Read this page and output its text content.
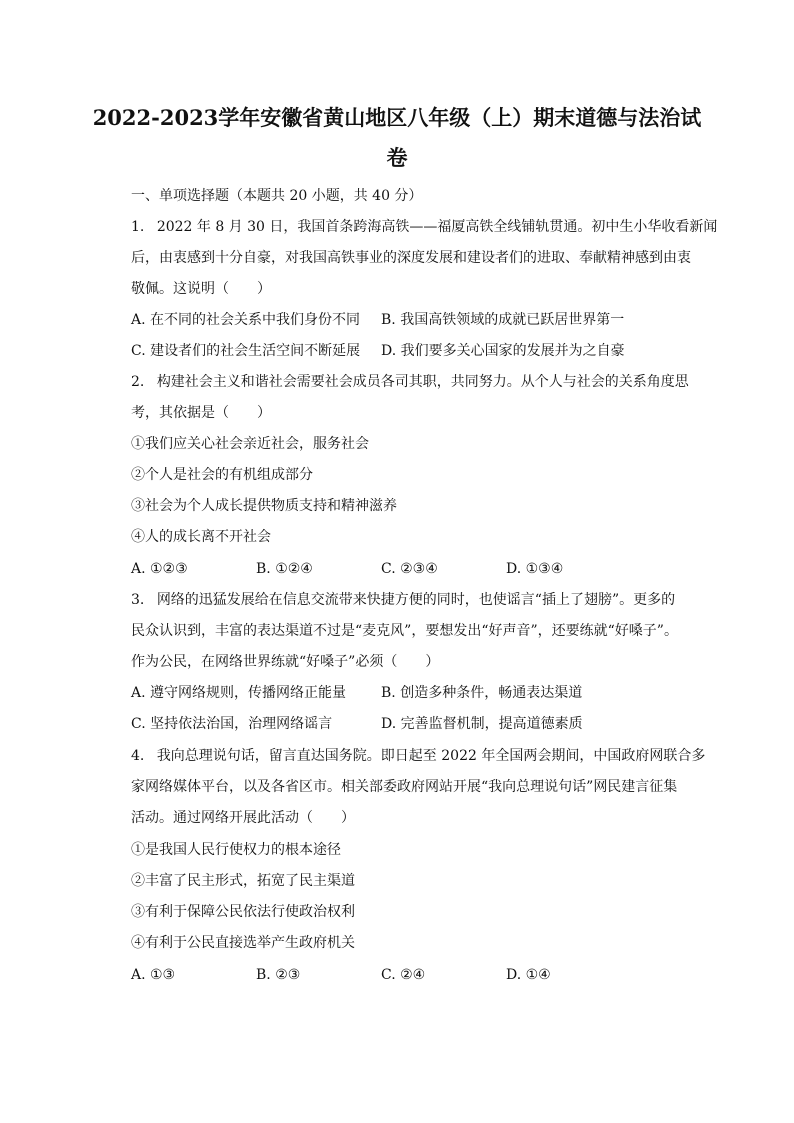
2022-2023学年安徽省黄山地区八年级（上）期末道德与法治试
卷
一、单项选择题（本题共 20 小题，共 40 分）
1. 2022 年 8 月 30 日，我国首条跨海高铁——福厦高铁全线铺轨贯通。初中生小华收看新闻
后，由衷感到十分自豪，对我国高铁事业的深度发展和建设者们的进取、奉献精神感到由衷
敬佩。这说明（　　）
A. 在不同的社会关系中我们身份不同	B. 我国高铁领域的成就已跃居世界第一
C. 建设者们的社会生活空间不断延展	D. 我们要多关心国家的发展并为之自豪
2. 构建社会主义和谐社会需要社会成员各司其职，共同努力。从个人与社会的关系角度思
考，其依据是（　　）
①我们应关心社会亲近社会，服务社会
②个人是社会的有机组成部分
③社会为个人成长提供物质支持和精神滋养
④人的成长离不开社会
A. ①②③	B. ①②④	C. ②③④	D. ①③④
3. 网络的迅猛发展给在信息交流带来快捷方便的同时，也使谣言“插上了翅膀”。更多的
民众认识到，丰富的表达渠道不过是“麦克风”，要想发出“好声音”，还要练就“好嗓子”。
作为公民，在网络世界练就“好嗓子”必须（　　）
A. 遵守网络规则，传播网络正能量	B. 创造多种条件，畅通表达渠道
C. 坚持依法治国，治理网络谣言	D. 完善监督机制，提高道德素质
4. 我向总理说句话，留言直达国务院。即日起至 2022 年全国两会期间，中国政府网联合多
家网络媒体平台，以及各省区市。相关部委政府网站开展“我向总理说句话”网民建言征集
活动。通过网络开展此活动（　　）
①是我国人民行使权力的根本途径
②丰富了民主形式，拓宽了民主渠道
③有利于保障公民依法行使政治权利
④有利于公民直接选举产生政府机关
A. ①③	B. ②③	C. ②④	D. ①④
